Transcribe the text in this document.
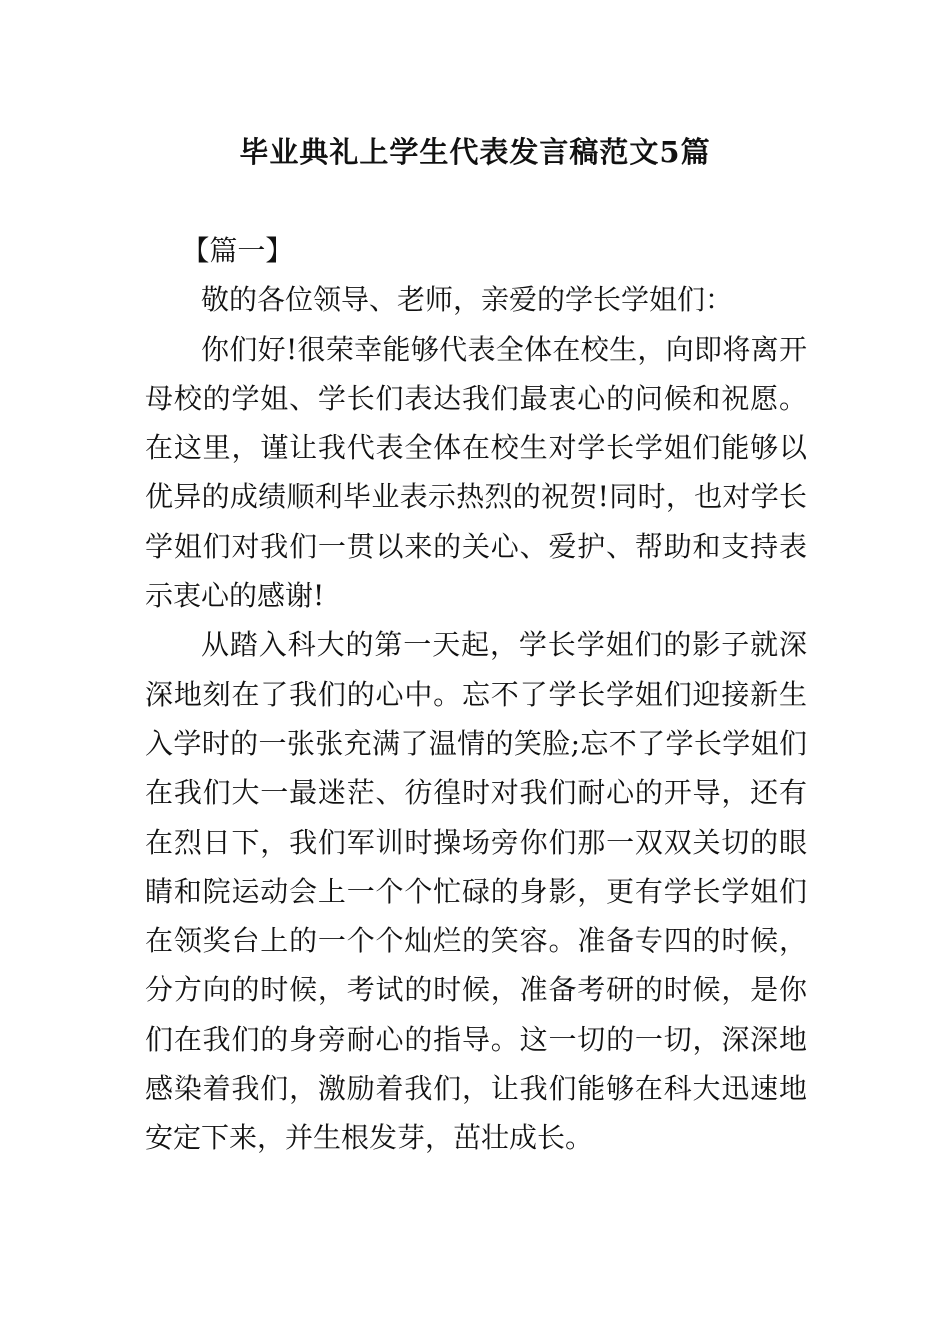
毕业典礼上学生代表发言稿范文5篇

【篇一】

敬的各位领导、老师，亲爱的学长学姐们：

你们好!很荣幸能够代表全体在校生，向即将离开母校的学姐、学长们表达我们最衷心的问候和祝愿。在这里，谨让我代表全体在校生对学长学姐们能够以优异的成绩顺利毕业表示热烈的祝贺!同时，也对学长学姐们对我们一贯以来的关心、爱护、帮助和支持表示衷心的感谢!

从踏入科大的第一天起，学长学姐们的影子就深深地刻在了我们的心中。忘不了学长学姐们迎接新生入学时的一张张充满了温情的笑脸;忘不了学长学姐们在我们大一最迷茫、彷徨时对我们耐心的开导，还有在烈日下，我们军训时操场旁你们那一双双关切的眼睛和院运动会上一个个忙碌的身影，更有学长学姐们在领奖台上的一个个灿烂的笑容。准备专四的时候，分方向的时候，考试的时候，准备考研的时候，是你们在我们的身旁耐心的指导。这一切的一切，深深地感染着我们，激励着我们，让我们能够在科大迅速地安定下来，并生根发芽，茁壮成长。
